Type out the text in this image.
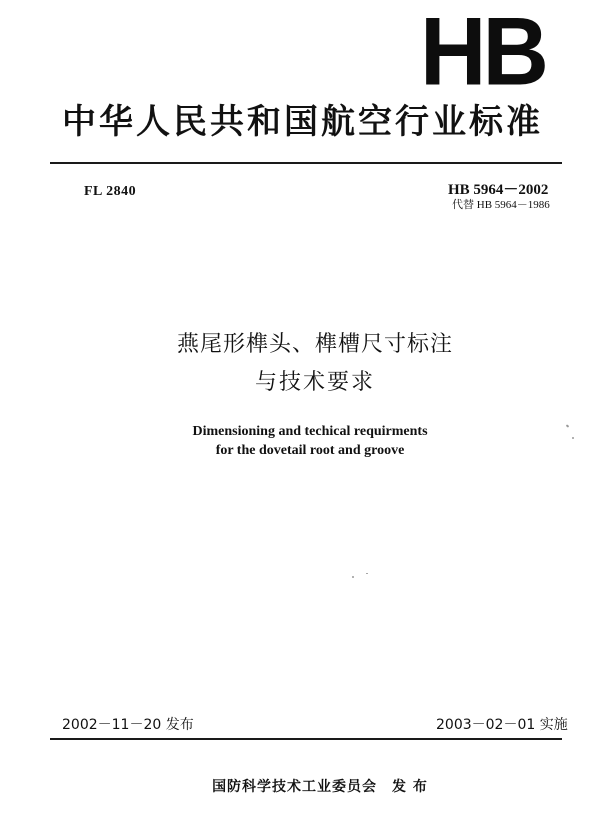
HB
中华人民共和国航空行业标准
FL 2840	HB 5964－2002
代替 HB 5964－1986
燕尾形榫头、榫槽尺寸标注
与技术要求
Dimensioning and techical requirments
for the dovetail root and groove
2002－11－20 发布	2003－02－01 实施
国防科学技术工业委员会　发 布
